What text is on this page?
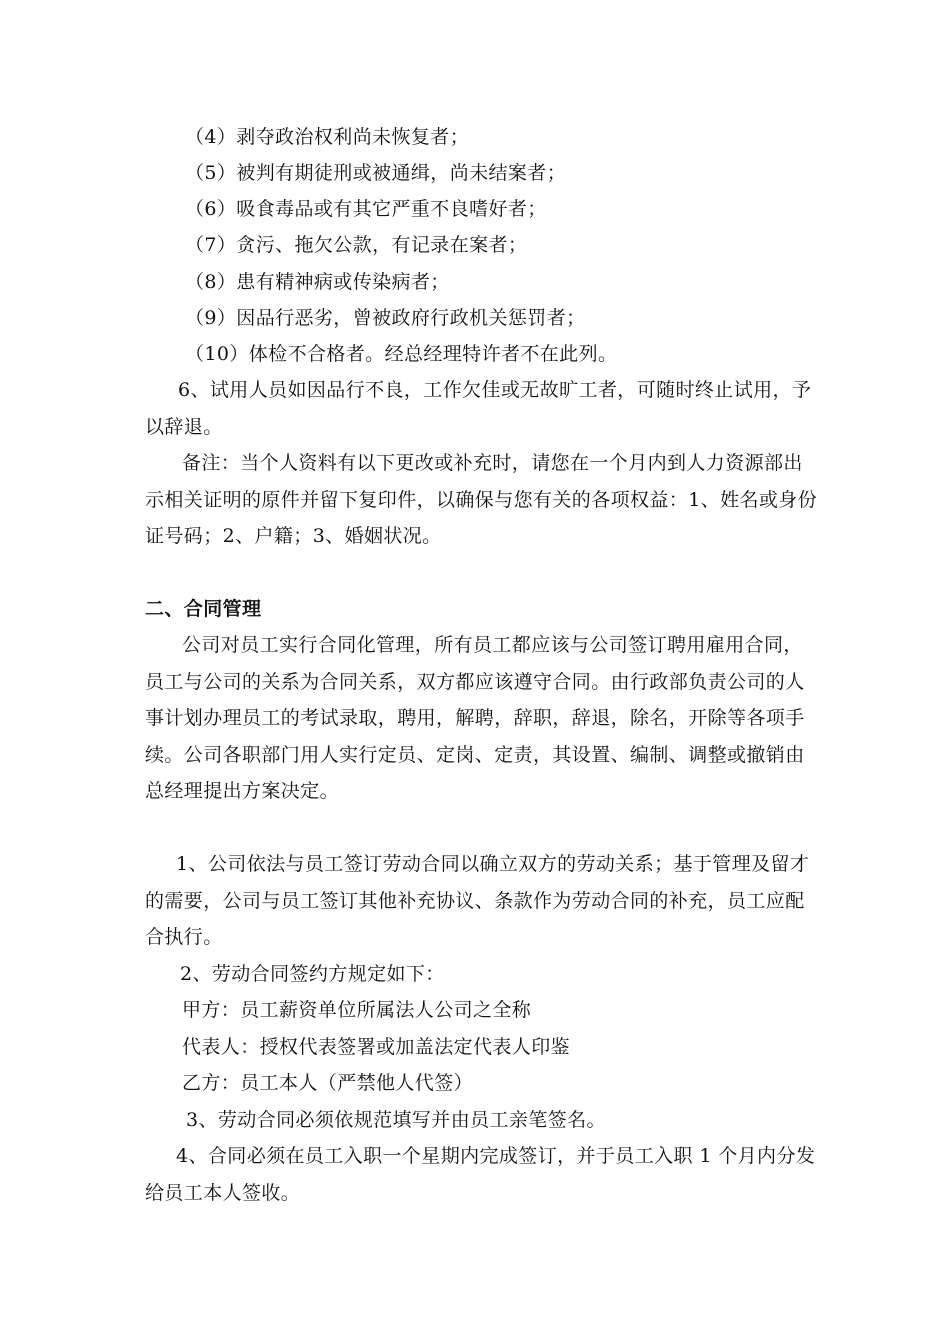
（4）剥夺政治权利尚未恢复者；
（5）被判有期徒刑或被通缉，尚未结案者；
（6）吸食毒品或有其它严重不良嗜好者；
（7）贪污、拖欠公款，有记录在案者；
（8）患有精神病或传染病者；
（9）因品行恶劣，曾被政府行政机关惩罚者；
（10）体检不合格者。经总经理特许者不在此列。
6、试用人员如因品行不良，工作欠佳或无故旷工者，可随时终止试用，予
以辞退。
备注：当个人资料有以下更改或补充时，请您在一个月内到人力资源部出
示相关证明的原件并留下复印件，以确保与您有关的各项权益：1、姓名或身份
证号码；2、户籍；3、婚姻状况。
二、合同管理
公司对员工实行合同化管理，所有员工都应该与公司签订聘用雇用合同，
员工与公司的关系为合同关系，双方都应该遵守合同。由行政部负责公司的人
事计划办理员工的考试录取，聘用，解聘，辞职，辞退，除名，开除等各项手
续。公司各职部门用人实行定员、定岗、定责，其设置、编制、调整或撤销由
总经理提出方案决定。
1、公司依法与员工签订劳动合同以确立双方的劳动关系；基于管理及留才
的需要，公司与员工签订其他补充协议、条款作为劳动合同的补充，员工应配
合执行。
2、劳动合同签约方规定如下：
甲方：员工薪资单位所属法人公司之全称
代表人：授权代表签署或加盖法定代表人印鉴
乙方：员工本人（严禁他人代签）
3、劳动合同必须依规范填写并由员工亲笔签名。
4、合同必须在员工入职一个星期内完成签订，并于员工入职 1 个月内分发
给员工本人签收。
